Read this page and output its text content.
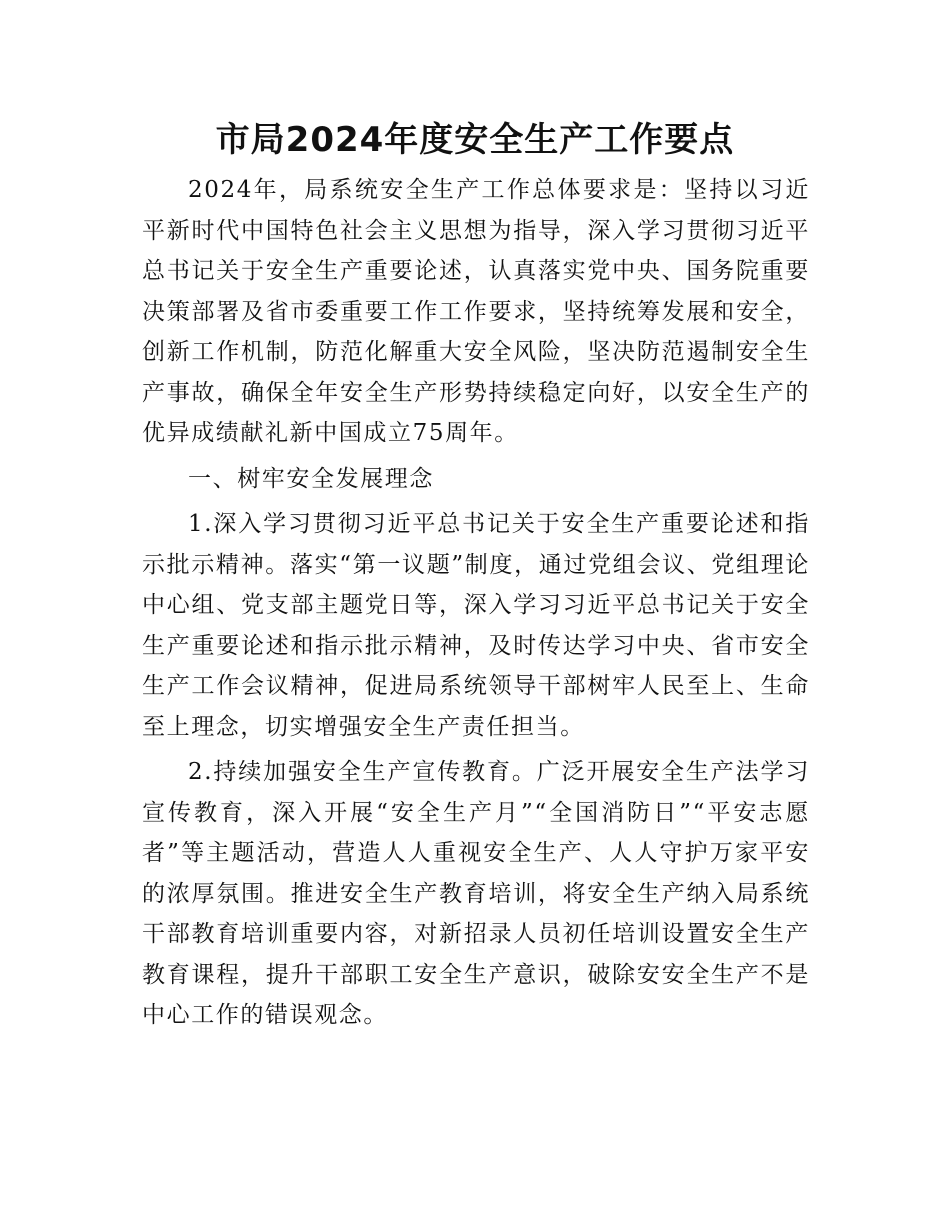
市局2024年度安全生产工作要点

2024年，局系统安全生产工作总体要求是：坚持以习近平新时代中国特色社会主义思想为指导，深入学习贯彻习近平总书记关于安全生产重要论述，认真落实党中央、国务院重要决策部署及省市委重要工作工作要求，坚持统筹发展和安全，创新工作机制，防范化解重大安全风险，坚决防范遏制安全生产事故，确保全年安全生产形势持续稳定向好，以安全生产的优异成绩献礼新中国成立75周年。

一、树牢安全发展理念

1.深入学习贯彻习近平总书记关于安全生产重要论述和指示批示精神。落实“第一议题”制度，通过党组会议、党组理论中心组、党支部主题党日等，深入学习习近平总书记关于安全生产重要论述和指示批示精神，及时传达学习中央、省市安全生产工作会议精神，促进局系统领导干部树牢人民至上、生命至上理念，切实增强安全生产责任担当。

2.持续加强安全生产宣传教育。广泛开展安全生产法学习宣传教育，深入开展“安全生产月”“全国消防日”“平安志愿者”等主题活动，营造人人重视安全生产、人人守护万家平安的浓厚氛围。推进安全生产教育培训，将安全生产纳入局系统干部教育培训重要内容，对新招录人员初任培训设置安全生产教育课程，提升干部职工安全生产意识，破除安安全生产不是中心工作的错误观念。
